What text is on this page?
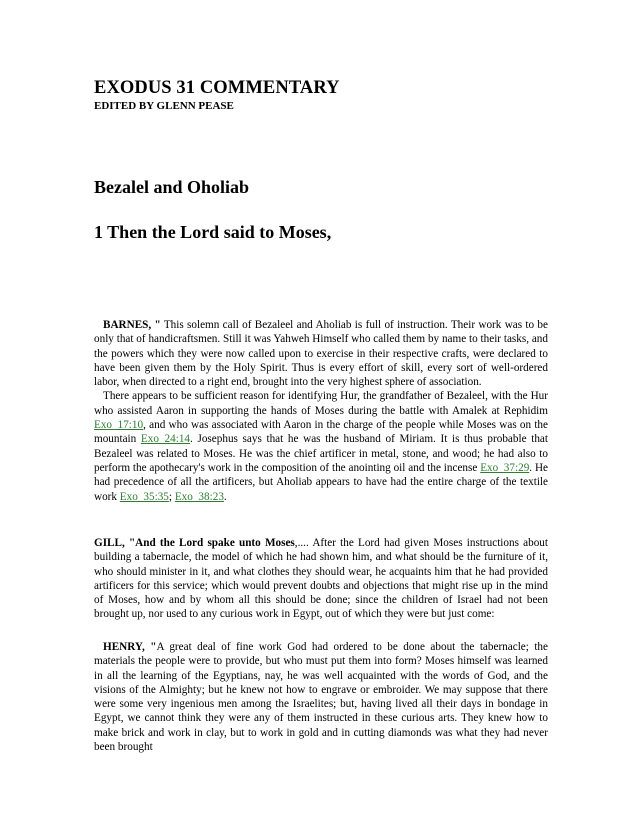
EXODUS 31 COMMENTARY
EDITED BY GLENN PEASE
Bezalel and Oholiab
1 Then the Lord said to Moses,

BARNES, " This solemn call of Bezaleel and Aholiab is full of instruction. Their work was to be only that of handicraftsmen. Still it was Yahweh Himself who called them by name to their tasks, and the powers which they were now called upon to exercise in their respective crafts, were declared to have been given them by the Holy Spirit. Thus is every effort of skill, every sort of well-ordered labor, when directed to a right end, brought into the very highest sphere of association.

There appears to be sufficient reason for identifying Hur, the grandfather of Bezaleel, with the Hur who assisted Aaron in supporting the hands of Moses during the battle with Amalek at Rephidim Exo_17:10, and who was associated with Aaron in the charge of the people while Moses was on the mountain Exo_24:14. Josephus says that he was the husband of Miriam. It is thus probable that Bezaleel was related to Moses. He was the chief artificer in metal, stone, and wood; he had also to perform the apothecary's work in the composition of the anointing oil and the incense Exo_37:29. He had precedence of all the artificers, but Aholiab appears to have had the entire charge of the textile work Exo_35:35; Exo_38:23.

GILL, "And the Lord spake unto Moses,.... After the Lord had given Moses instructions about building a tabernacle, the model of which he had shown him, and what should be the furniture of it, who should minister in it, and what clothes they should wear, he acquaints him that he had provided artificers for this service; which would prevent doubts and objections that might rise up in the mind of Moses, how and by whom all this should be done; since the children of Israel had not been brought up, nor used to any curious work in Egypt, out of which they were but just come:

HENRY, "A great deal of fine work God had ordered to be done about the tabernacle; the materials the people were to provide, but who must put them into form? Moses himself was learned in all the learning of the Egyptians, nay, he was well acquainted with the words of God, and the visions of the Almighty; but he knew not how to engrave or embroider. We may suppose that there were some very ingenious men among the Israelites; but, having lived all their days in bondage in Egypt, we cannot think they were any of them instructed in these curious arts. They knew how to make brick and work in clay, but to work in gold and in cutting diamonds was what they had never been brought
